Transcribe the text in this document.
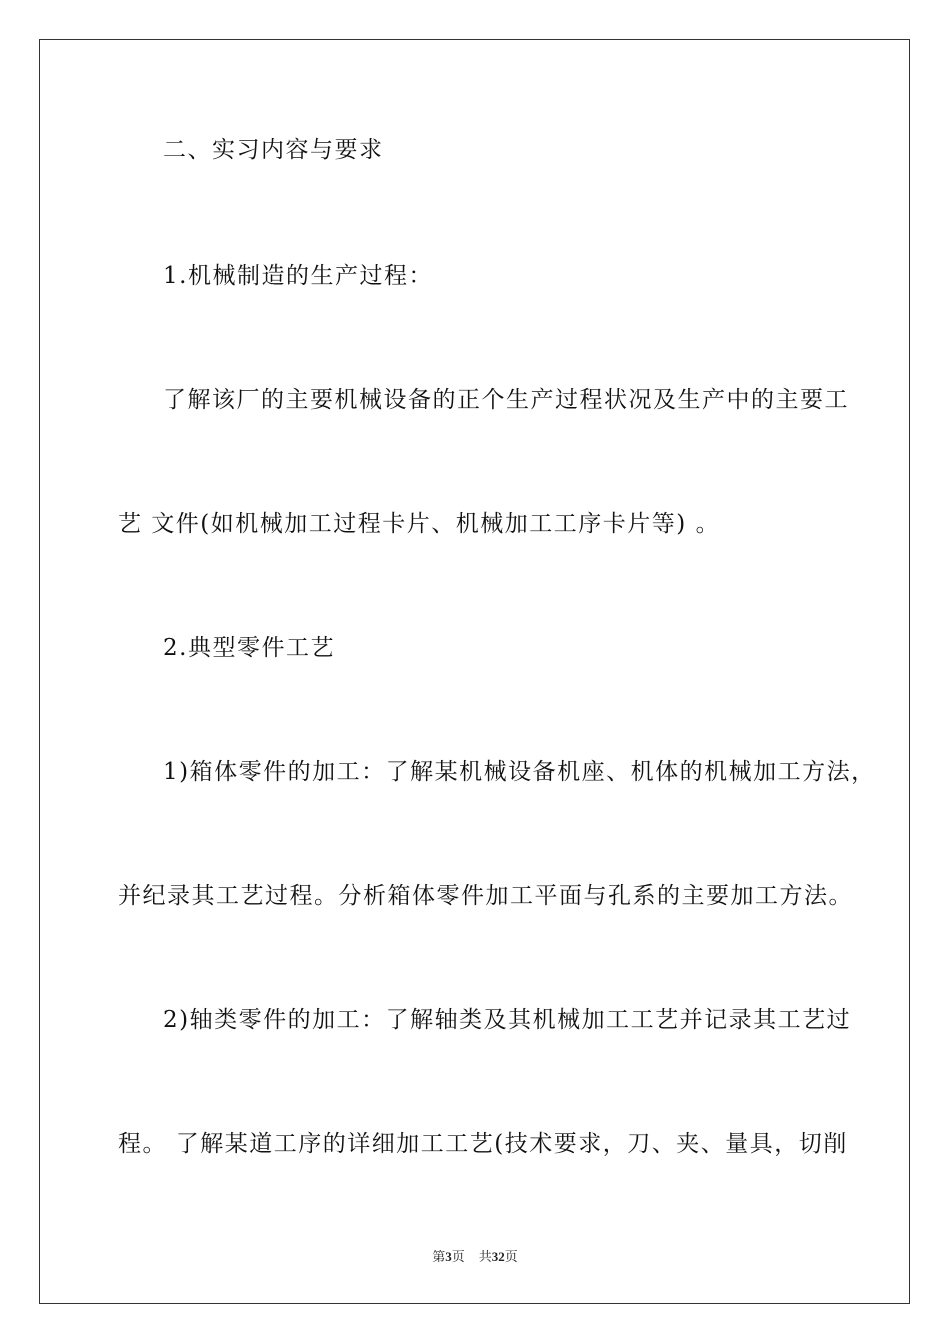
二、实习内容与要求
1.机械制造的生产过程：
了解该厂的主要机械设备的正个生产过程状况及生产中的主要工
艺 文件(如机械加工过程卡片、机械加工工序卡片等) 。
2.典型零件工艺
1)箱体零件的加工：了解某机械设备机座、机体的机械加工方法，
并纪录其工艺过程。分析箱体零件加工平面与孔系的主要加工方法。
2)轴类零件的加工：了解轴类及其机械加工工艺并记录其工艺过
程。 了解某道工序的详细加工工艺(技术要求，刀、夹、量具，切削
第3页 共32页
